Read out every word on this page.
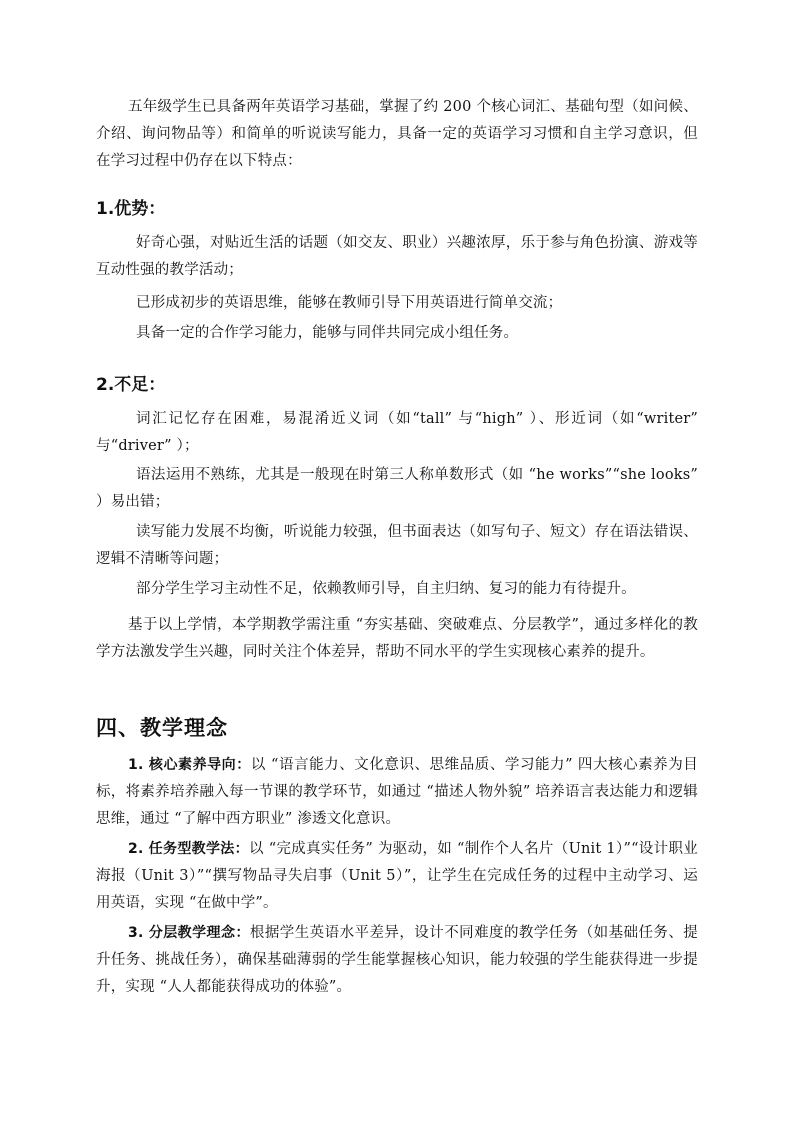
五年级学生已具备两年英语学习基础，掌握了约 200 个核心词汇、基础句型（如问候、介绍、询问物品等）和简单的听说读写能力，具备一定的英语学习习惯和自主学习意识，但在学习过程中仍存在以下特点：

1.优势：

好奇心强，对贴近生活的话题（如交友、职业）兴趣浓厚，乐于参与角色扮演、游戏等互动性强的教学活动；

已形成初步的英语思维，能够在教师引导下用英语进行简单交流；

具备一定的合作学习能力，能够与同伴共同完成小组任务。

2.不足：

词汇记忆存在困难，易混淆近义词（如“tall” 与“high” ）、形近词（如“writer” 与“driver” ）；

语法运用不熟练，尤其是一般现在时第三人称单数形式（如 “he works”“she looks” ）易出错；

读写能力发展不均衡，听说能力较强，但书面表达（如写句子、短文）存在语法错误、逻辑不清晰等问题；

部分学生学习主动性不足，依赖教师引导，自主归纳、复习的能力有待提升。

基于以上学情，本学期教学需注重 “夯实基础、突破难点、分层教学”，通过多样化的教学方法激发学生兴趣，同时关注个体差异，帮助不同水平的学生实现核心素养的提升。

四、教学理念

1. 核心素养导向：以 “语言能力、文化意识、思维品质、学习能力” 四大核心素养为目标，将素养培养融入每一节课的教学环节，如通过 “描述人物外貌” 培养语言表达能力和逻辑思维，通过 “了解中西方职业” 渗透文化意识。

2. 任务型教学法：以 “完成真实任务” 为驱动，如 “制作个人名片（Unit 1）”“设计职业海报（Unit 3）”“撰写物品寻失启事（Unit 5）”，让学生在完成任务的过程中主动学习、运用英语，实现 “在做中学”。

3. 分层教学理念：根据学生英语水平差异，设计不同难度的教学任务（如基础任务、提升任务、挑战任务），确保基础薄弱的学生能掌握核心知识，能力较强的学生能获得进一步提升，实现 “人人都能获得成功的体验”。
